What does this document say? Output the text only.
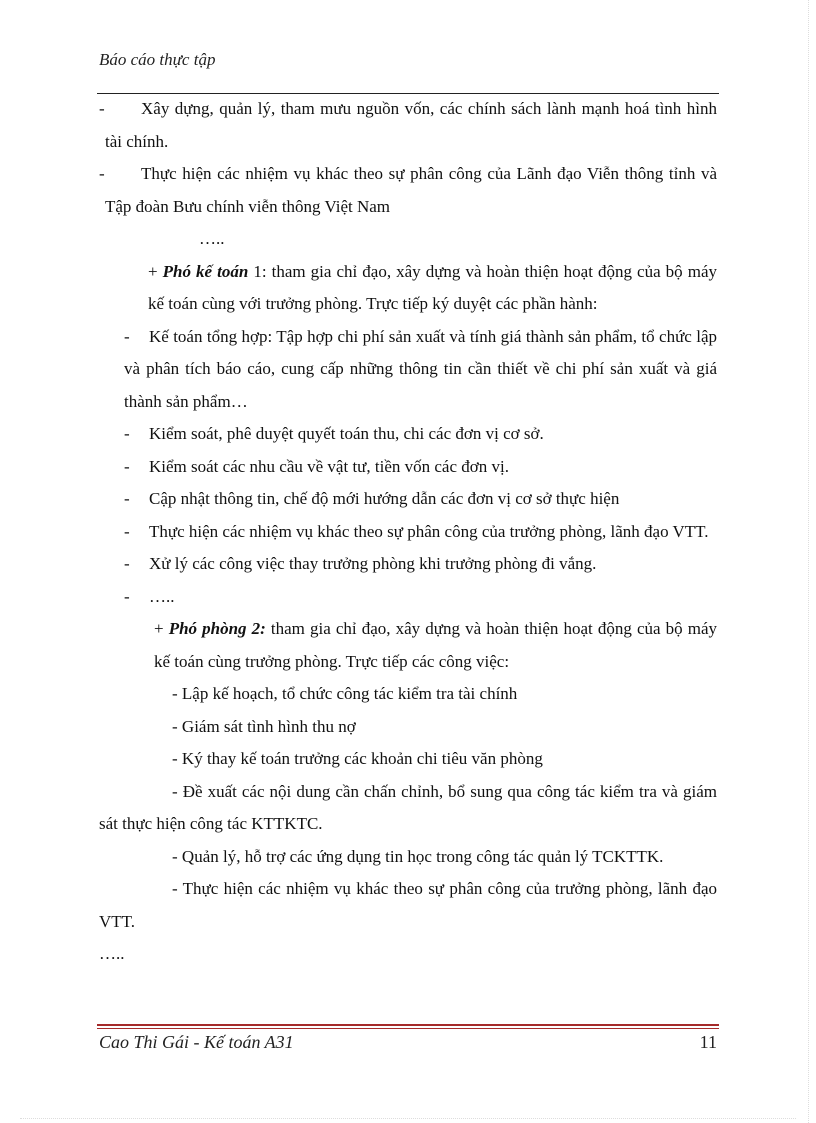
Báo cáo thực tập

- Xây dựng, quản lý, tham mưu nguồn vốn, các chính sách lành mạnh hoá tình hình tài chính.

- Thực hiện các nhiệm vụ khác theo sự phân công của Lãnh đạo Viễn thông tỉnh và Tập đoàn Bưu chính viễn thông Việt Nam

…..

+ Phó kế toán 1: tham gia chỉ đạo, xây dựng và hoàn thiện hoạt động của bộ máy kế toán cùng với trưởng phòng. Trực tiếp ký duyệt các phần hành:

- Kế toán tổng hợp: Tập hợp chi phí sản xuất và tính giá thành sản phẩm, tổ chức lập và phân tích báo cáo, cung cấp những thông tin cần thiết về chi phí sản xuất và giá thành sản phẩm…

- Kiểm soát, phê duyệt quyết toán thu, chi các đơn vị cơ sở.

- Kiểm soát các nhu cầu về vật tư, tiền vốn các đơn vị.

- Cập nhật thông tin, chế độ mới hướng dẫn các đơn vị cơ sở thực hiện

- Thực hiện các nhiệm vụ khác theo sự phân công của trưởng phòng, lãnh đạo VTT.

- Xử lý các công việc thay trưởng phòng khi trưởng phòng đi vắng.

- …..

+ Phó phòng 2: tham gia chỉ đạo, xây dựng và hoàn thiện hoạt động của bộ máy kế toán cùng trưởng phòng. Trực tiếp các công việc:

- Lập kế hoạch, tổ chức công tác kiểm tra tài chính

- Giám sát tình hình thu nợ

- Ký thay kế toán trưởng các khoản chi tiêu văn phòng

- Đề xuất các nội dung cần chấn chỉnh, bổ sung qua công tác kiểm tra và giám sát thực hiện công tác KTTKTC.

- Quản lý, hỗ trợ các ứng dụng tin học trong công tác quản lý TCKTTK.

- Thực hiện các nhiệm vụ khác theo sự phân công của trưởng phòng, lãnh đạo VTT.

…..

Cao Thi Gái - Kế toán A31	11
